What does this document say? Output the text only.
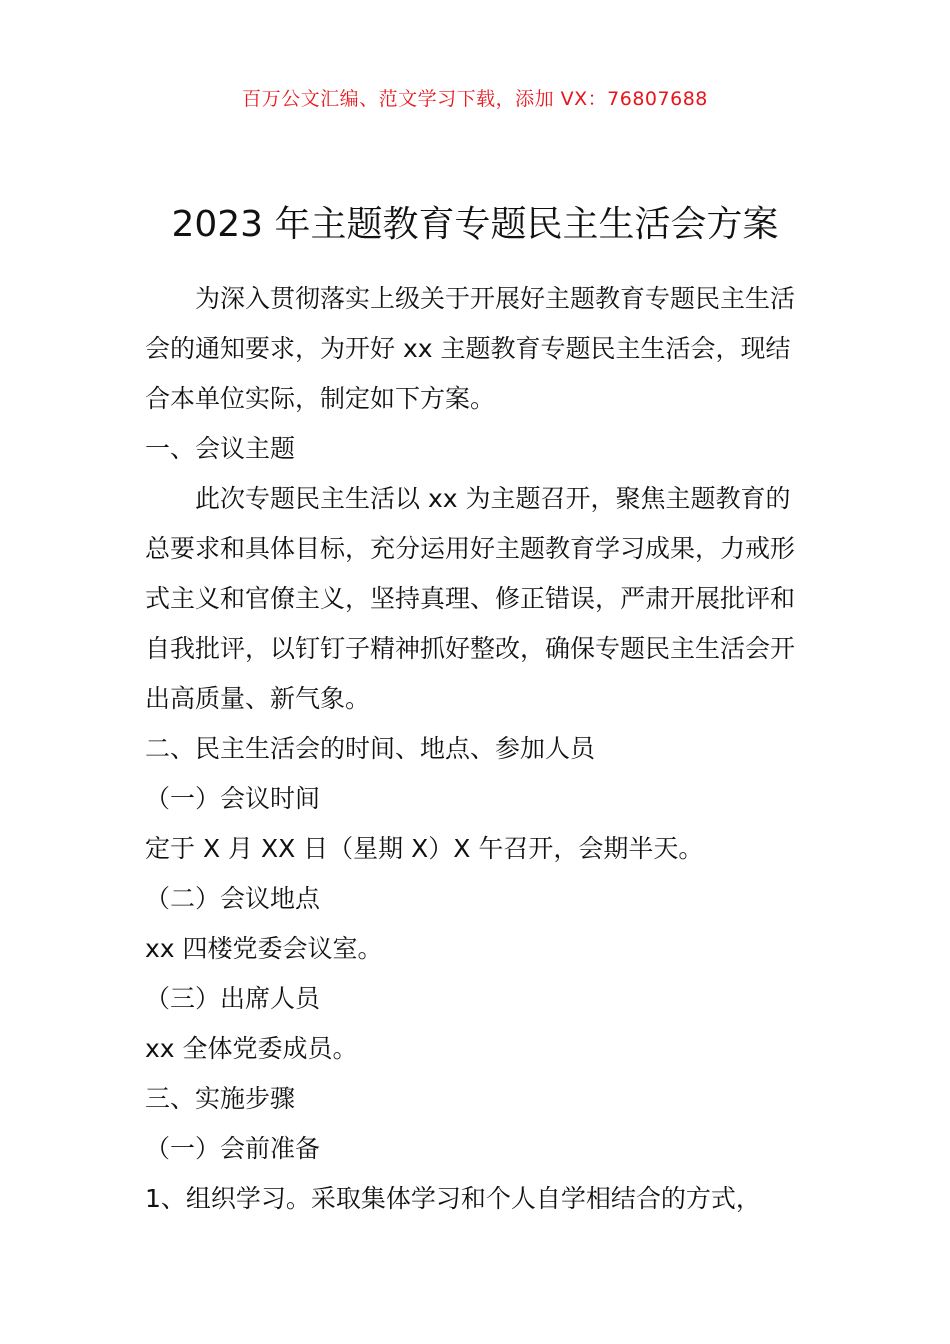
百万公文汇编、范文学习下载，添加 VX：76807688
2023 年主题教育专题民主生活会方案

为深入贯彻落实上级关于开展好主题教育专题民主生活会的通知要求，为开好 xx 主题教育专题民主生活会，现结合本单位实际，制定如下方案。

一、会议主题

此次专题民主生活以 xx 为主题召开，聚焦主题教育的总要求和具体目标，充分运用好主题教育学习成果，力戒形式主义和官僚主义，坚持真理、修正错误，严肃开展批评和自我批评，以钉钉子精神抓好整改，确保专题民主生活会开出高质量、新气象。

二、民主生活会的时间、地点、参加人员

（一）会议时间

定于 X 月 XX 日（星期 X）X 午召开，会期半天。

（二）会议地点

xx 四楼党委会议室。

（三）出席人员

xx 全体党委成员。

三、实施步骤

（一）会前准备

1、组织学习。采取集体学习和个人自学相结合的方式，
